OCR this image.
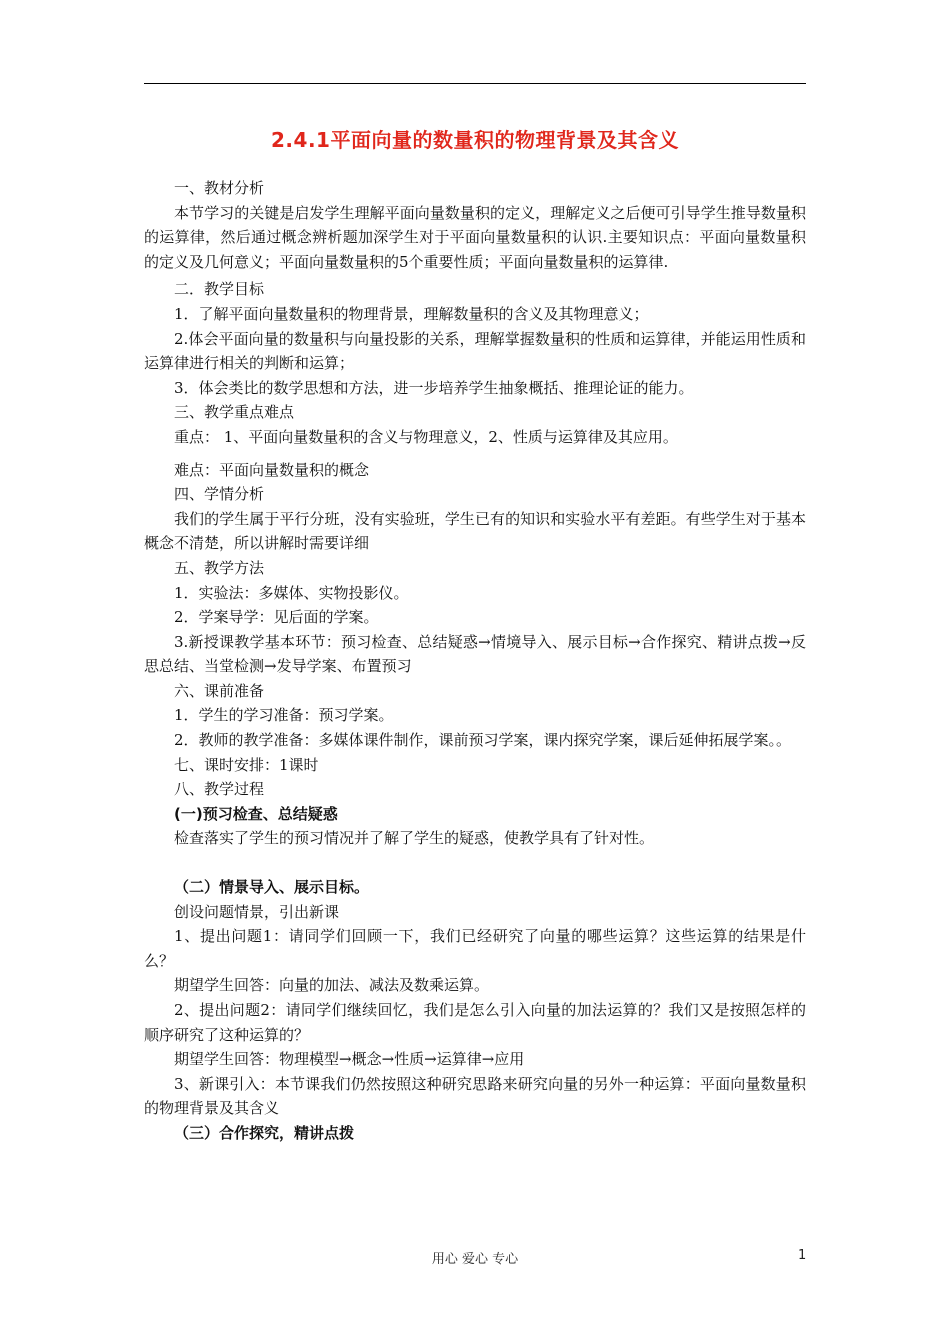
2.4.1平面向量的数量积的物理背景及其含义

一、教材分析

本节学习的关键是启发学生理解平面向量数量积的定义，理解定义之后便可引导学生推导数量积的运算律，然后通过概念辨析题加深学生对于平面向量数量积的认识.主要知识点：平面向量数量积的定义及几何意义；平面向量数量积的5个重要性质；平面向量数量积的运算律.

二．教学目标

1．了解平面向量数量积的物理背景，理解数量积的含义及其物理意义；

2.体会平面向量的数量积与向量投影的关系，理解掌握数量积的性质和运算律，并能运用性质和运算律进行相关的判断和运算；

3．体会类比的数学思想和方法，进一步培养学生抽象概括、推理论证的能力。

三、教学重点难点

重点： 1、平面向量数量积的含义与物理意义，2、性质与运算律及其应用。

难点：平面向量数量积的概念

四、学情分析

我们的学生属于平行分班，没有实验班，学生已有的知识和实验水平有差距。有些学生对于基本概念不清楚，所以讲解时需要详细

五、教学方法

1．实验法：多媒体、实物投影仪。

2．学案导学：见后面的学案。

3.新授课教学基本环节：预习检查、总结疑惑→情境导入、展示目标→合作探究、精讲点拨→反思总结、当堂检测→发导学案、布置预习

六、课前准备

1．学生的学习准备：预习学案。

2．教师的教学准备：多媒体课件制作，课前预习学案，课内探究学案，课后延伸拓展学案。。

七、课时安排：1课时

八、教学过程

(一)预习检查、总结疑惑

检查落实了学生的预习情况并了解了学生的疑惑，使教学具有了针对性。

（二）情景导入、展示目标。

创设问题情景，引出新课

1、提出问题1：请同学们回顾一下，我们已经研究了向量的哪些运算？这些运算的结果是什么？

期望学生回答：向量的加法、减法及数乘运算。

2、提出问题2：请同学们继续回忆，我们是怎么引入向量的加法运算的？我们又是按照怎样的顺序研究了这种运算的？

期望学生回答：物理模型→概念→性质→运算律→应用

3、新课引入：本节课我们仍然按照这种研究思路来研究向量的另外一种运算：平面向量数量积的物理背景及其含义

（三）合作探究，精讲点拨

用心 爱心 专心	1
